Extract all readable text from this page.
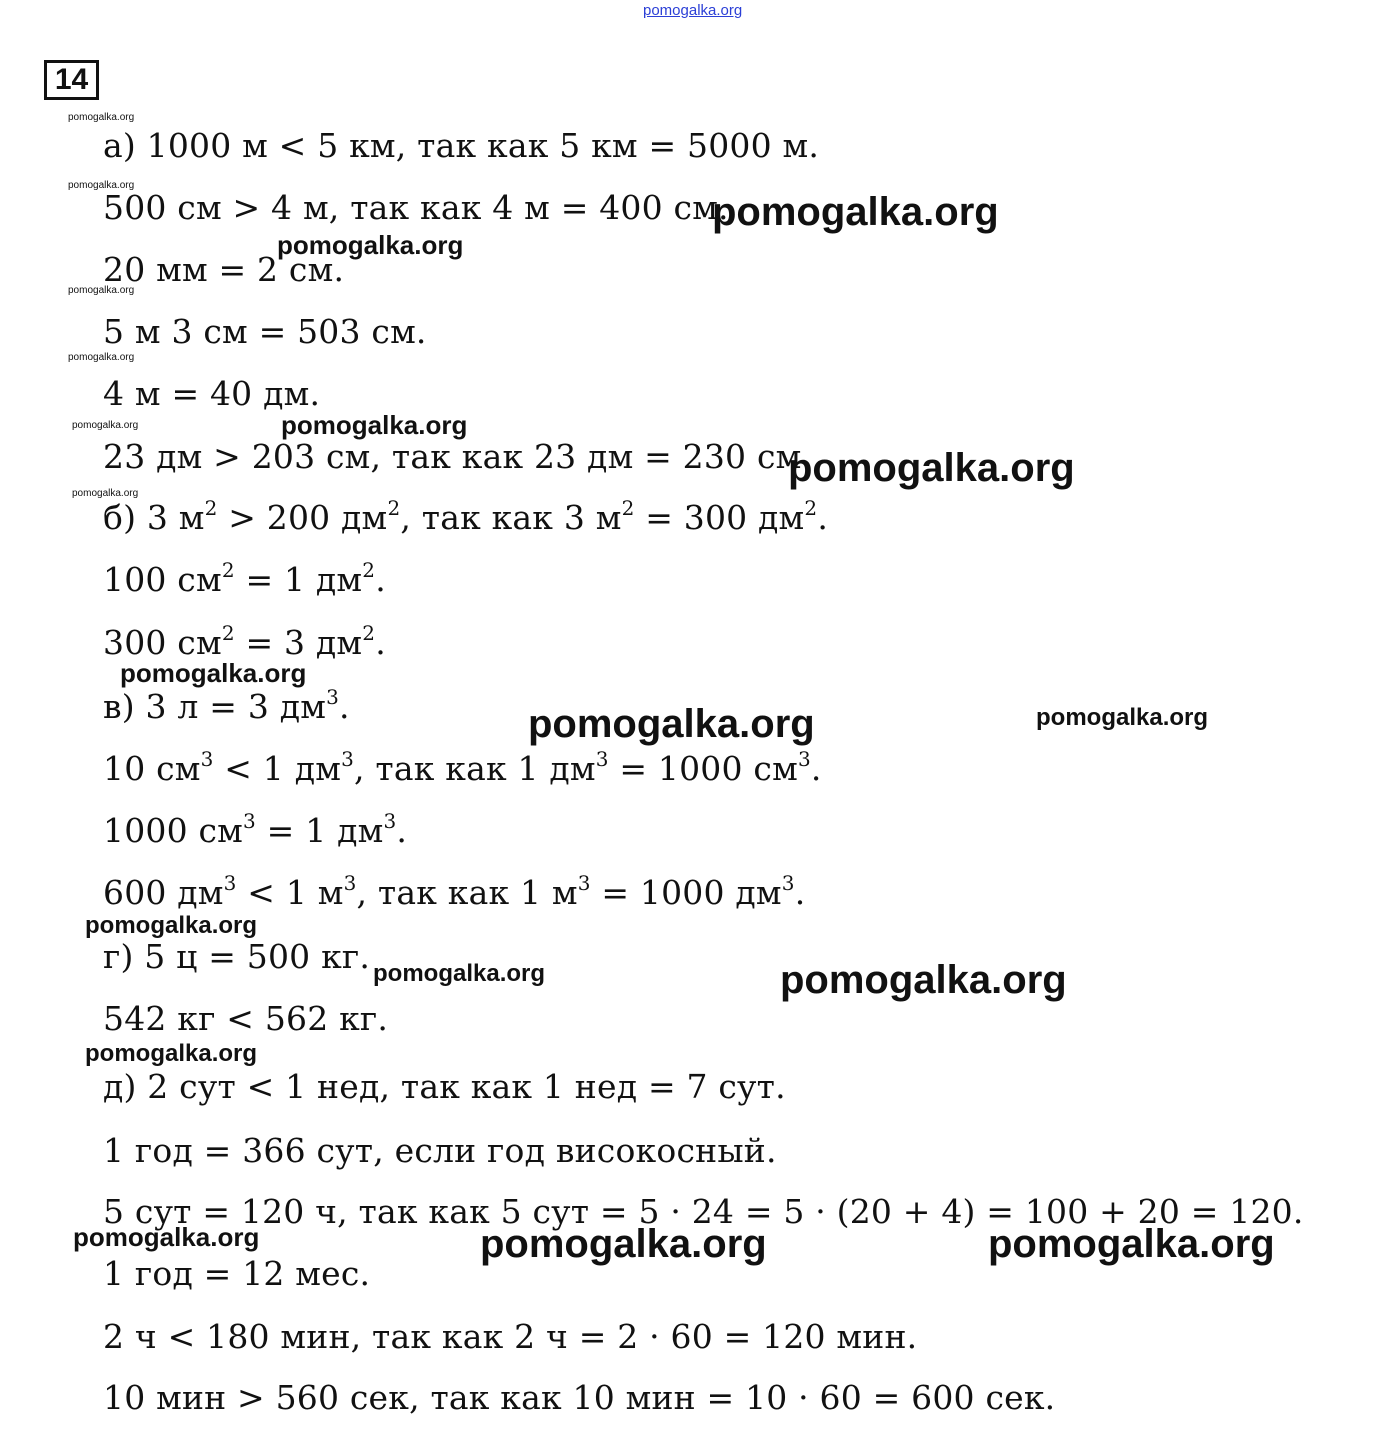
pomogalka.org
14
а) 1000 м < 5 км, так как 5 км = 5000 м.
500 см > 4 м, так как 4 м = 400 см.
20 мм = 2 см.
5 м 3 см = 503 см.
4 м = 40 дм.
23 дм > 203 см, так как 23 дм = 230 см
б) 3 $м^2 > 200$ $дм^2$, так как 3 $м^2 = 300$ $дм^2$.
100 $см^2 = 1$ $дм^2$.
300 $см^2 = 3$ $дм^2$.
в) 3 л = 3 $дм^3$.
10 $см^3 < 1$ $дм^3$, так как 1 $дм^3 = 1000$ $см^3$.
1000 $см^3 = 1$ $дм^3$.
600 $дм^3 < 1$ $м^3$, так как 1 $м^3 = 1000$ $дм^3$.
г) 5 ц = 500 кг.
542 кг < 562 кг.
д) 2 сут < 1 нед, так как 1 нед = 7 сут.
1 год = 366 сут, если год високосный.
5 сут = 120 ч, так как 5 сут = 5 · 24 = 5 · (20 + 4) = 100 + 20 = 120.
1 год = 12 мес.
2 ч < 180 мин, так как 2 ч = 2 · 60 = 120 мин.
10 мин > 560 сек, так как 10 мин = 10 · 60 = 600 сек.
pomogalka.org
pomogalka.org
pomogalka.org
pomogalka.org
pomogalka.org
pomogalka.org
pomogalka.org
pomogalka.org
pomogalka.org
pomogalka.org
pomogalka.org
pomogalka.org	pomogalka.org
pomogalka.org
pomogalka.org	pomogalka.org
pomogalka.org
pomogalka.org	pomogalka.org	pomogalka.org
